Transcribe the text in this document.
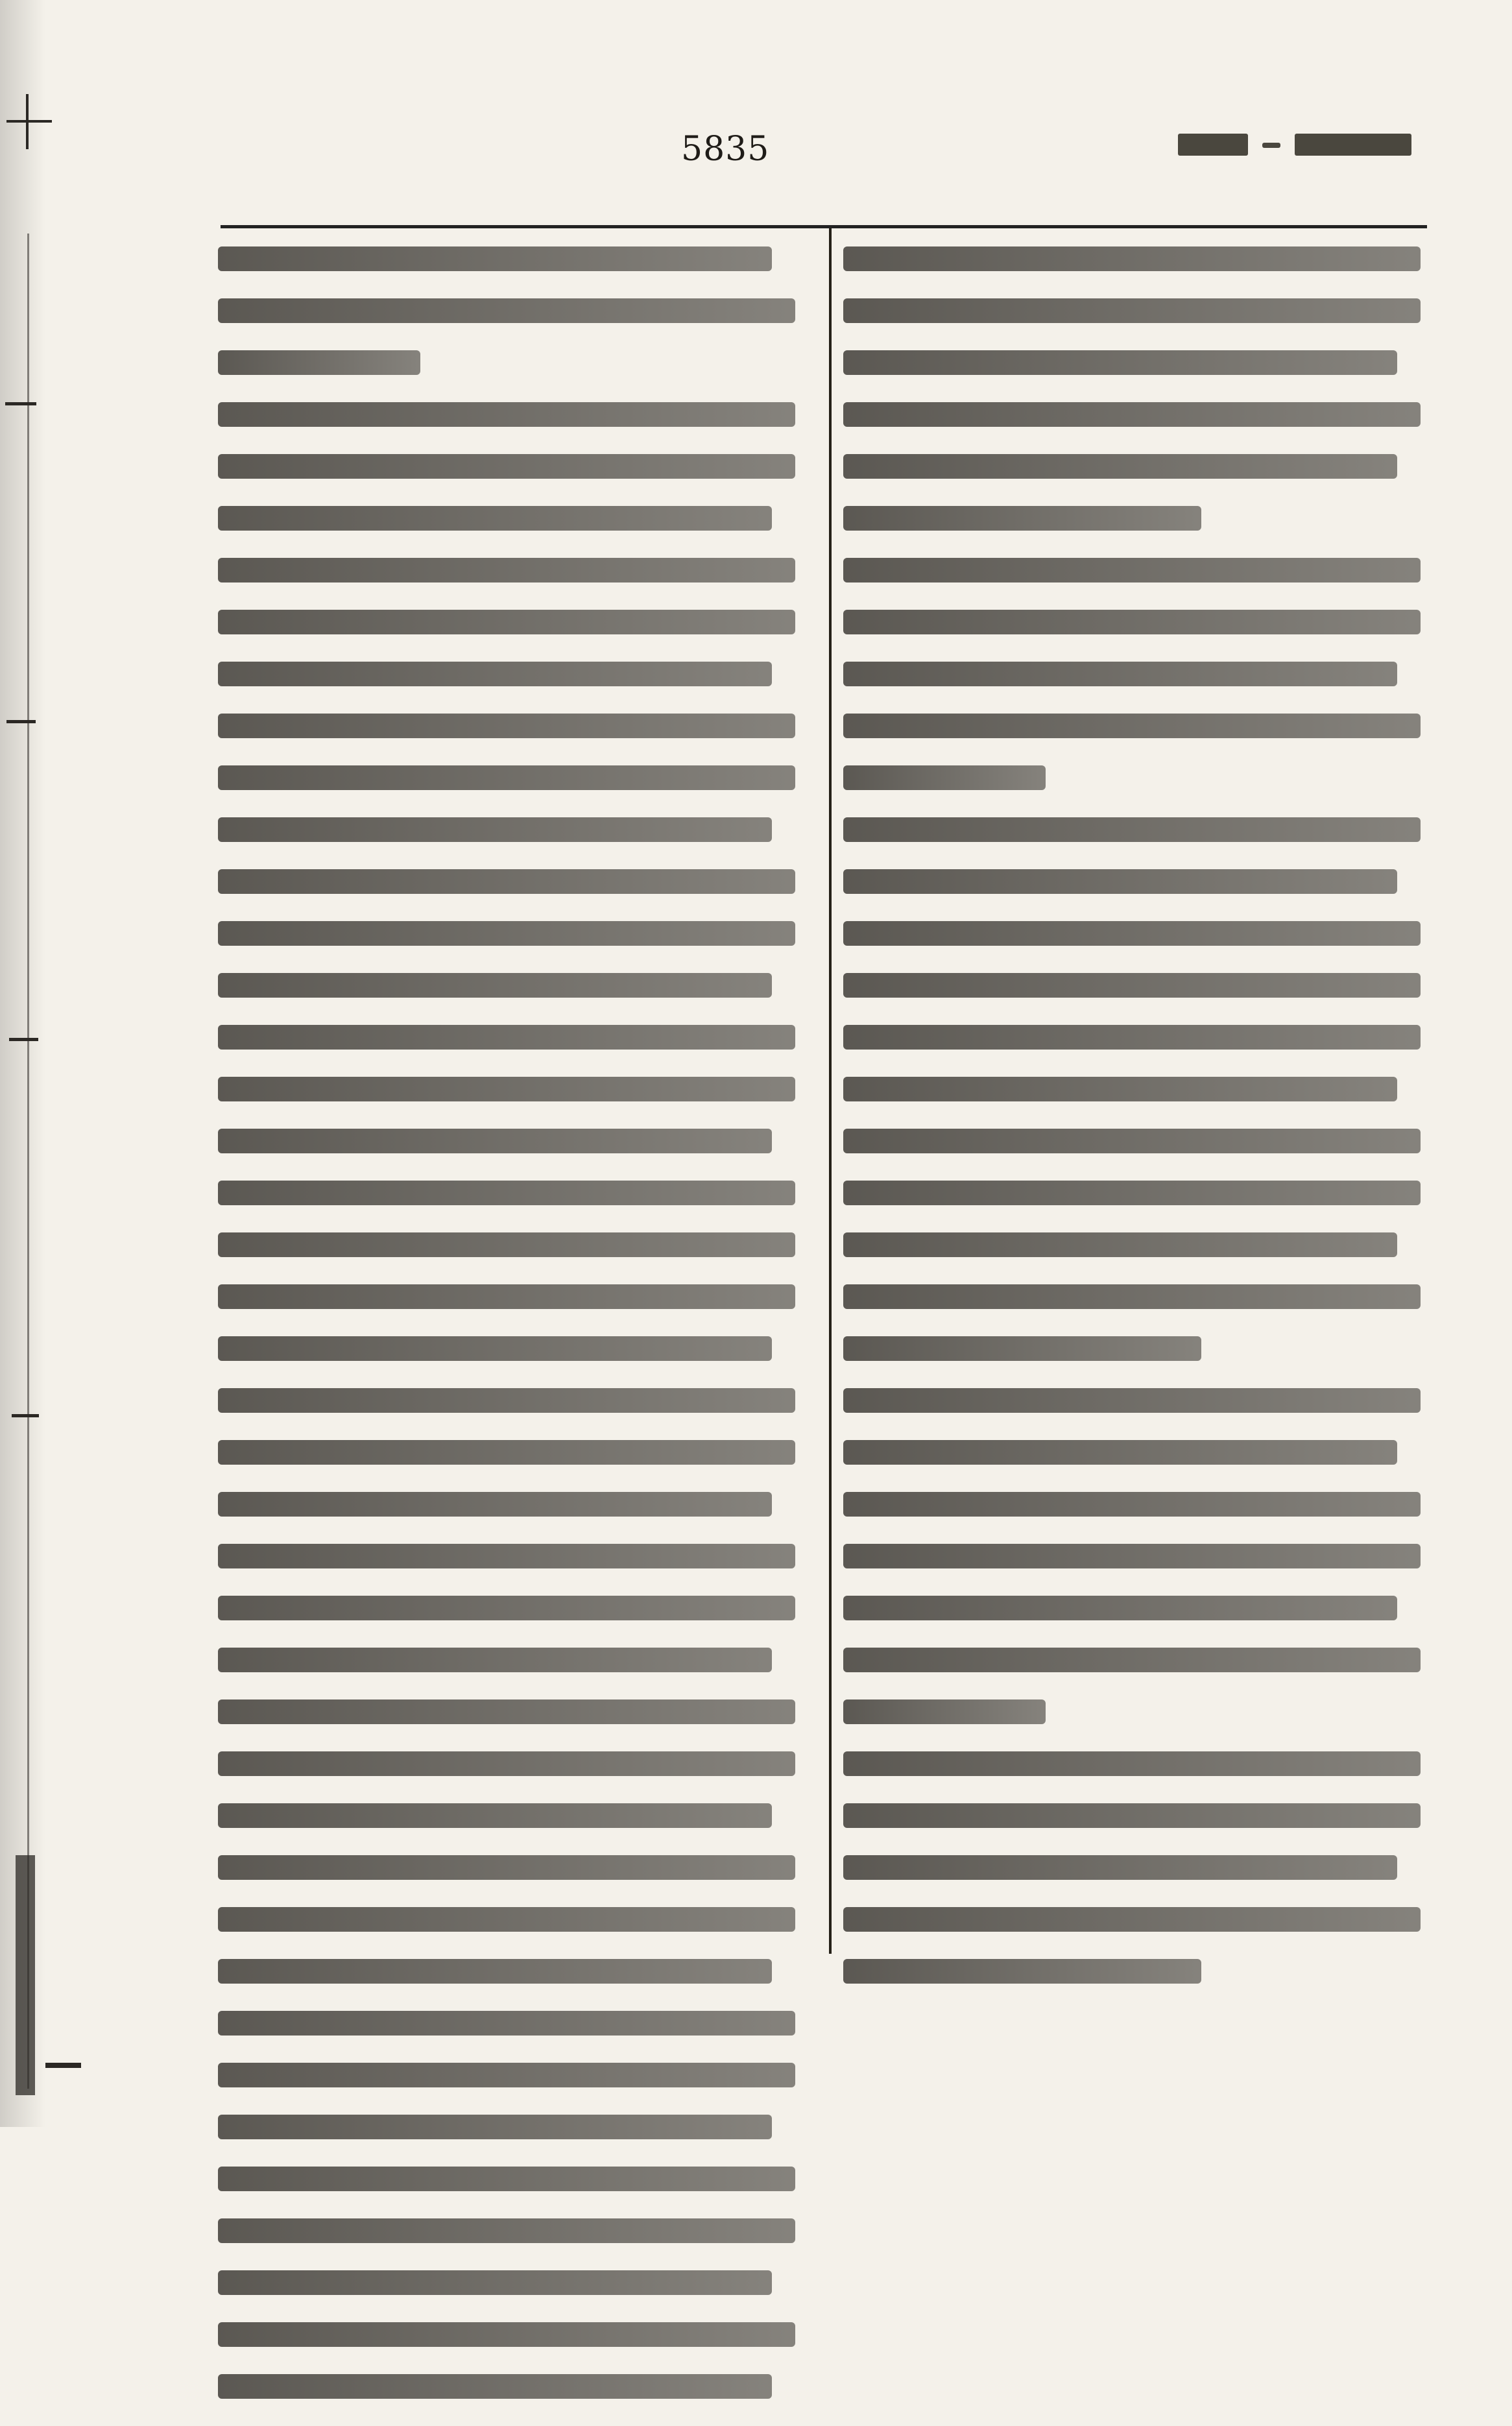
5835
